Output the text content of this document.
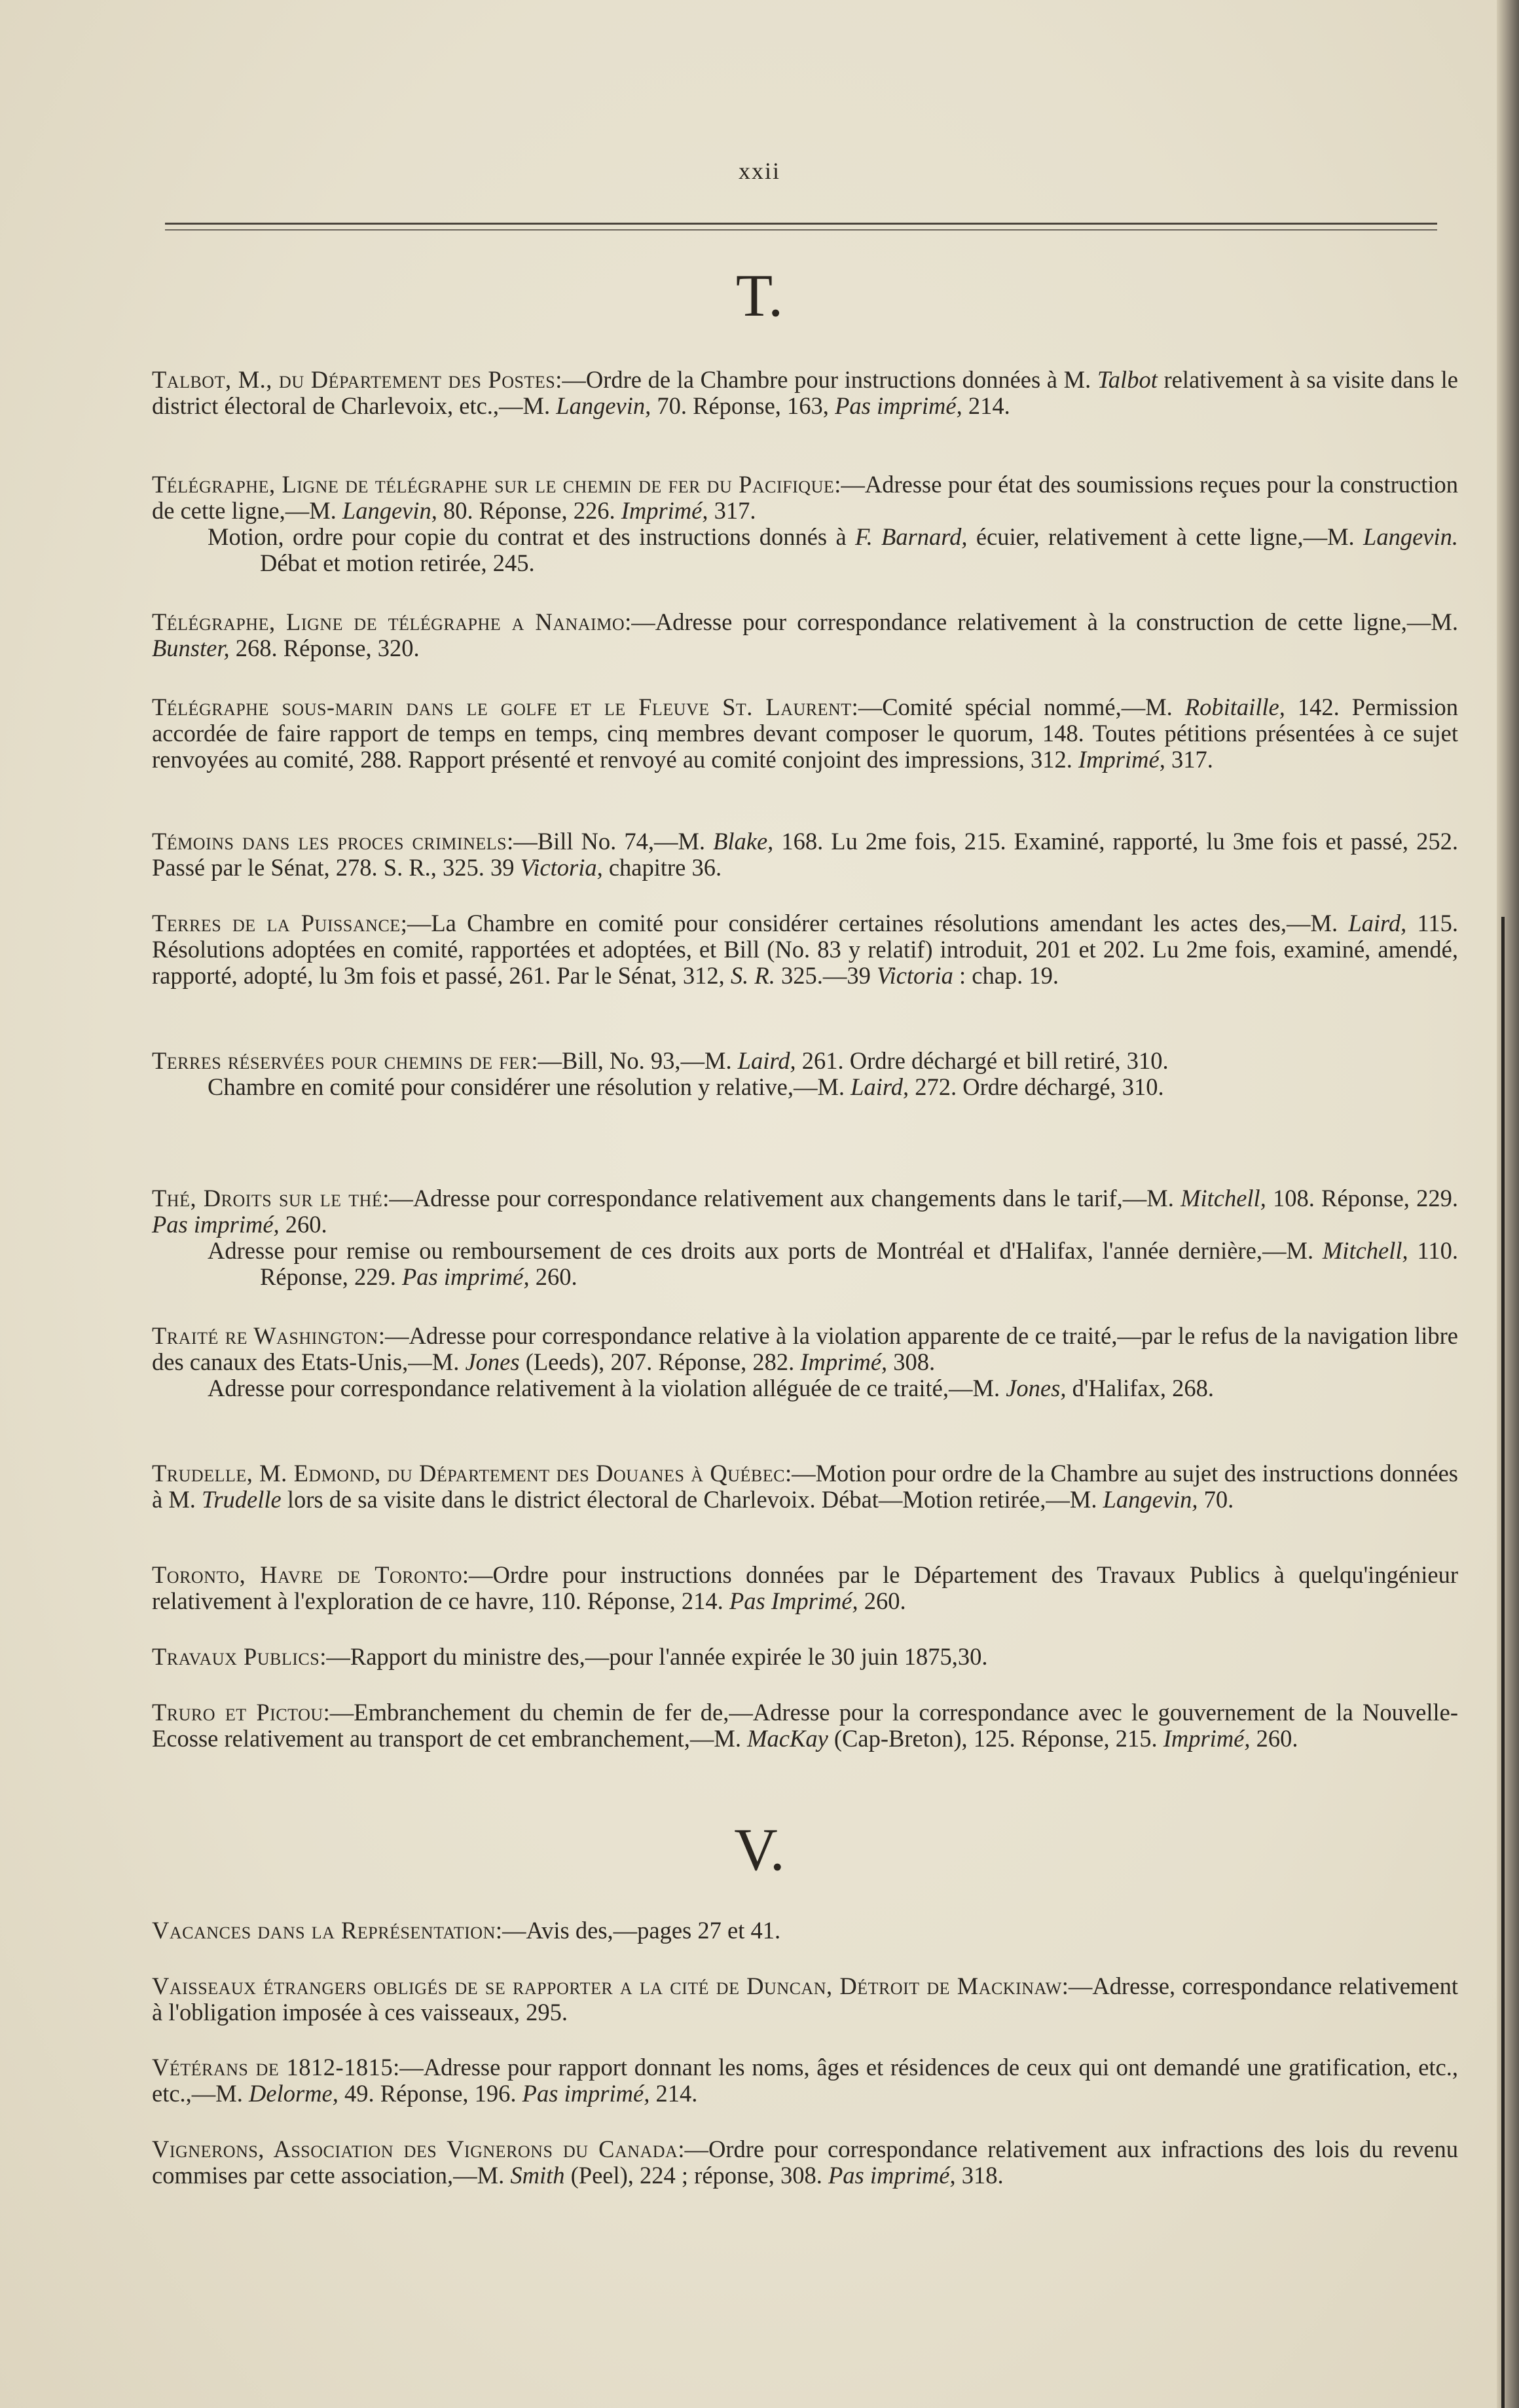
xxii
T.

Talbot, M., du Département des Postes:—Ordre de la Chambre pour instructions données à M. Talbot relativement à sa visite dans le district électoral de Charlevoix, etc.,—M. Langevin, 70. Réponse, 163, Pas imprimé, 214.

Télégraphe, Ligne de télégraphe sur le chemin de fer du Pacifique:—Adresse pour état des soumissions reçues pour la construction de cette ligne,—M. Langevin, 80. Réponse, 226. Imprimé, 317.

Motion, ordre pour copie du contrat et des instructions donnés à F. Barnard, écuier, relativement à cette ligne,—M. Langevin. Débat et motion retirée, 245.

Télégraphe, Ligne de télégraphe a Nanaimo:—Adresse pour correspondance relativement à la construction de cette ligne,—M. Bunster, 268. Réponse, 320.

Télégraphe sous-marin dans le golfe et le Fleuve St. Laurent:—Comité spécial nommé,—M. Robitaille, 142. Permission accordée de faire rapport de temps en temps, cinq membres devant composer le quorum, 148. Toutes pétitions présentées à ce sujet renvoyées au comité, 288. Rapport présenté et renvoyé au comité conjoint des impressions, 312. Imprimé, 317.

Témoins dans les proces criminels:—Bill No. 74,—M. Blake, 168. Lu 2me fois, 215. Examiné, rapporté, lu 3me fois et passé, 252. Passé par le Sénat, 278. S. R., 325. 39 Victoria, chapitre 36.

Terres de la Puissance;—La Chambre en comité pour considérer certaines résolutions amendant les actes des,—M. Laird, 115. Résolutions adoptées en comité, rapportées et adoptées, et Bill (No. 83 y relatif) introduit, 201 et 202. Lu 2me fois, examiné, amendé, rapporté, adopté, lu 3m fois et passé, 261. Par le Sénat, 312, S. R. 325.—39 Victoria : chap. 19.

Terres réservées pour chemins de fer:—Bill, No. 93,—M. Laird, 261. Ordre déchargé et bill retiré, 310.

Chambre en comité pour considérer une résolution y relative,—M. Laird, 272. Ordre déchargé, 310.

Thé, Droits sur le thé:—Adresse pour correspondance relativement aux changements dans le tarif,—M. Mitchell, 108. Réponse, 229. Pas imprimé, 260.

Adresse pour remise ou remboursement de ces droits aux ports de Montréal et d'Halifax, l'année dernière,—M. Mitchell, 110. Réponse, 229. Pas imprimé, 260.

Traité re Washington:—Adresse pour correspondance relative à la violation apparente de ce traité,—par le refus de la navigation libre des canaux des Etats-Unis,—M. Jones (Leeds), 207. Réponse, 282. Imprimé, 308.

Adresse pour correspondance relativement à la violation alléguée de ce traité,—M. Jones, d'Halifax, 268.

Trudelle, M. Edmond, du Département des Douanes à Québec:—Motion pour ordre de la Chambre au sujet des instructions données à M. Trudelle lors de sa visite dans le district électoral de Charlevoix. Débat—Motion retirée,—M. Langevin, 70.

Toronto, Havre de Toronto:—Ordre pour instructions données par le Département des Travaux Publics à quelqu'ingénieur relativement à l'exploration de ce havre, 110. Réponse, 214. Pas Imprimé, 260.

Travaux Publics:—Rapport du ministre des,—pour l'année expirée le 30 juin 1875,30.

Truro et Pictou:—Embranchement du chemin de fer de,—Adresse pour la correspondance avec le gouvernement de la Nouvelle-Ecosse relativement au transport de cet embranchement,—M. MacKay (Cap-Breton), 125. Réponse, 215. Imprimé, 260.

V.

Vacances dans la Représentation:—Avis des,—pages 27 et 41.

Vaisseaux étrangers obligés de se rapporter a la cité de Duncan, Détroit de Mackinaw:—Adresse, correspondance relativement à l'obligation imposée à ces vaisseaux, 295.

Vétérans de 1812-1815:—Adresse pour rapport donnant les noms, âges et résidences de ceux qui ont demandé une gratification, etc., etc.,—M. Delorme, 49. Réponse, 196. Pas imprimé, 214.

Vignerons, Association des Vignerons du Canada:—Ordre pour correspondance relativement aux infractions des lois du revenu commises par cette association,—M. Smith (Peel), 224 ; réponse, 308. Pas imprimé, 318.
